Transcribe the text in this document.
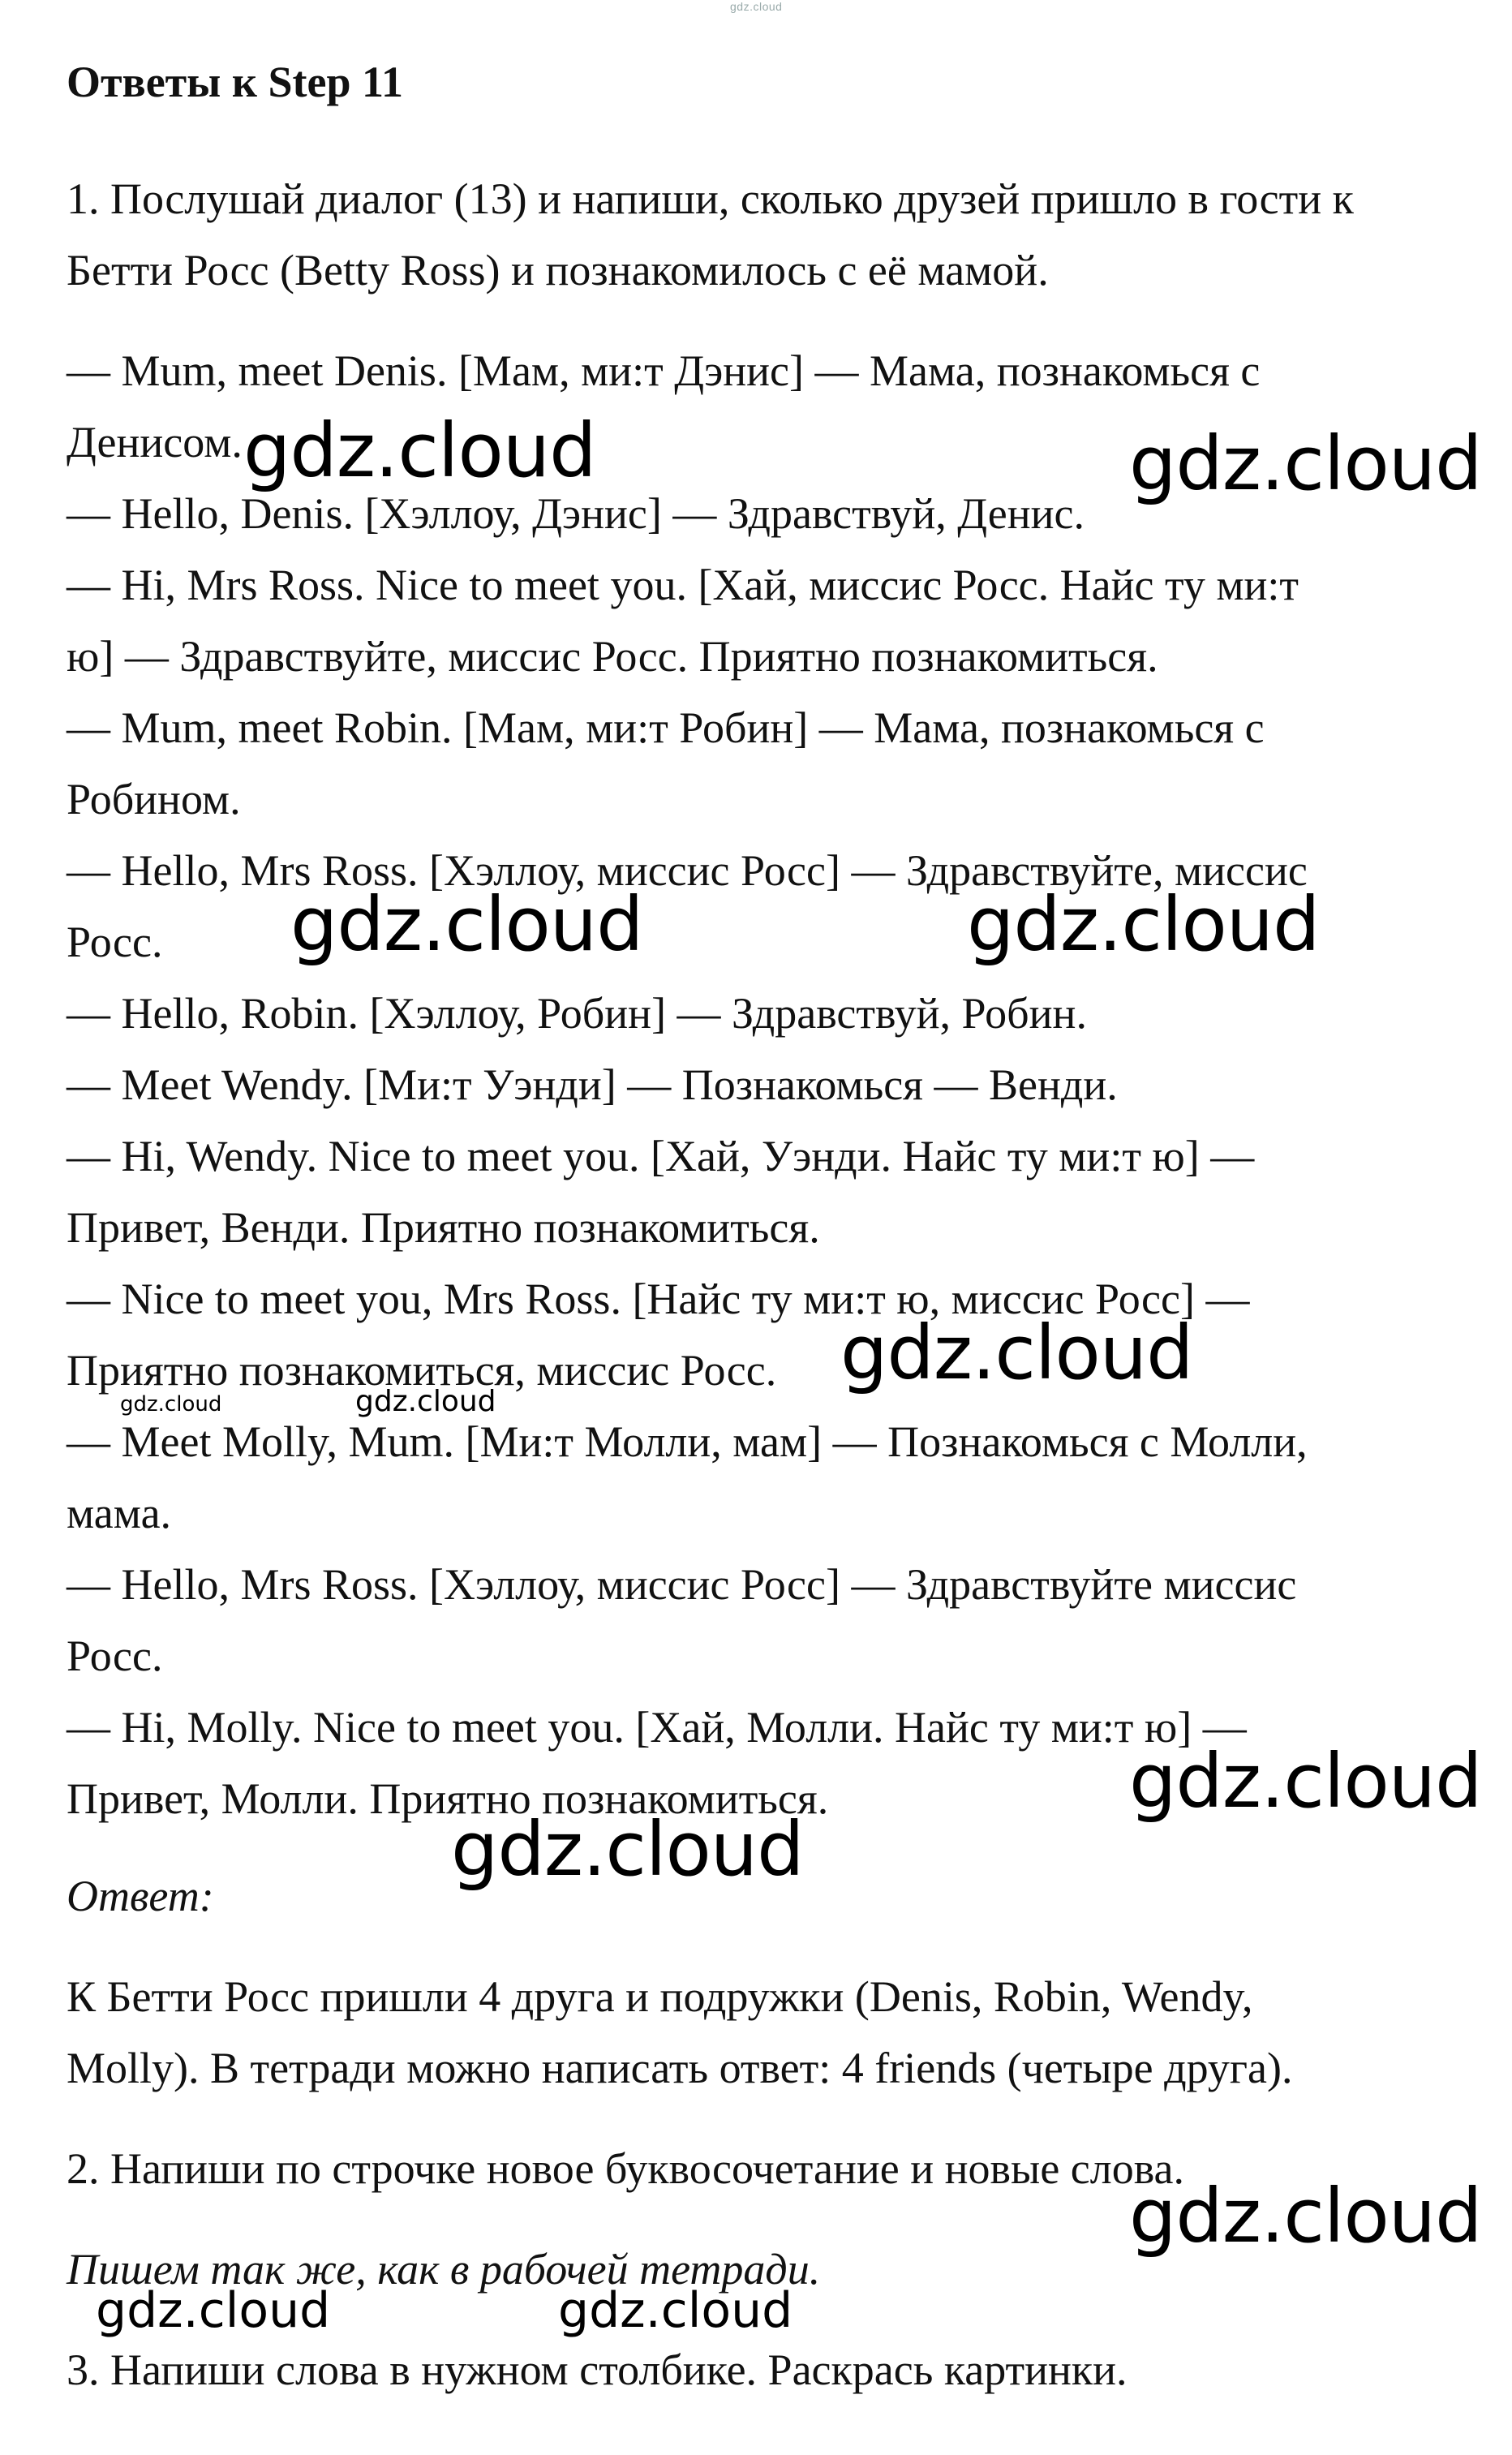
gdz.cloud
Ответы к Step 11
1. Послушай диалог (13) и напиши, сколько друзей пришло в гости к
Бетти Росс (Betty Ross) и познакомилось с её мамой.
— Mum, meet Denis. [Мам, ми:т Дэнис] — Мама, познакомься с
Денисом.
— Hello, Denis. [Хэллоу, Дэнис] — Здравствуй, Денис.
— Hi, Mrs Ross. Nice to meet you. [Хай, миссис Росс. Найс ту ми:т
ю] — Здравствуйте, миссис Росс. Приятно познакомиться.
— Mum, meet Robin. [Мам, ми:т Робин] — Мама, познакомься с
Робином.
— Hello, Mrs Ross. [Хэллоу, миссис Росс] — Здравствуйте, миссис
Росс.
— Hello, Robin. [Хэллоу, Робин] — Здравствуй, Робин.
— Meet Wendy. [Ми:т Уэнди] — Познакомься — Венди.
— Hi, Wendy. Nice to meet you. [Хай, Уэнди. Найс ту ми:т ю] —
Привет, Венди. Приятно познакомиться.
— Nice to meet you, Mrs Ross. [Найс ту ми:т ю, миссис Росс] —
Приятно познакомиться, миссис Росс.
— Meet Molly, Mum. [Ми:т Молли, мам] — Познакомься с Молли,
мама.
— Hello, Mrs Ross. [Хэллоу, миссис Росс] — Здравствуйте миссис
Росс.
— Hi, Molly. Nice to meet you. [Хай, Молли. Найс ту ми:т ю] —
Привет, Молли. Приятно познакомиться.
Ответ:
К Бетти Росс пришли 4 друга и подружки (Denis, Robin, Wendy,
Molly). В тетради можно написать ответ: 4 friends (четыре друга).
2. Напиши по строчке новое буквосочетание и новые слова.
Пишем так же, как в рабочей тетради.
3. Напиши слова в нужном столбике. Раскрась картинки.
gdz.cloud	gdz.cloud
gdz.cloud	gdz.cloud
gdz.cloud
gdz.cloud	gdz.cloud
gdz.cloud
gdz.cloud
gdz.cloud
gdz.cloud	gdz.cloud
